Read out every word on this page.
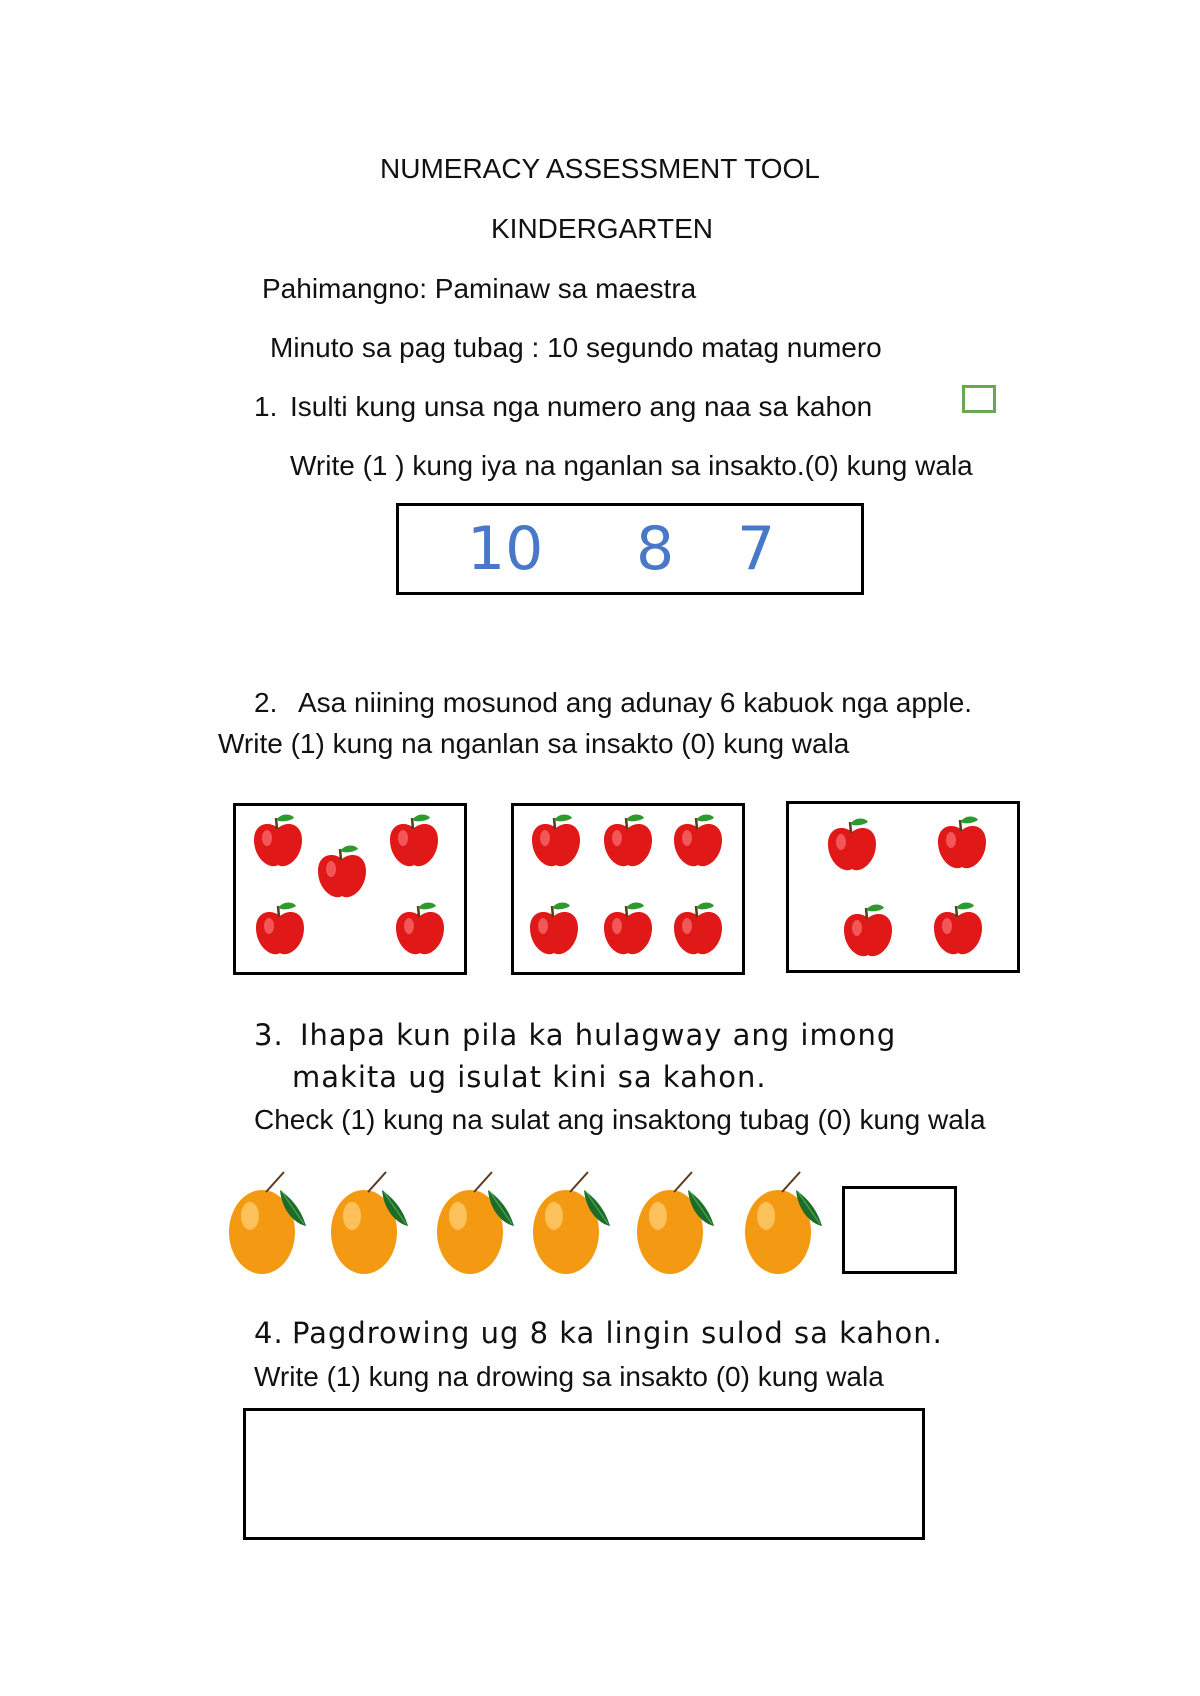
NUMERACY ASSESSMENT TOOL
KINDERGARTEN
Pahimangno: Paminaw sa maestra
Minuto sa pag tubag : 10 segundo matag numero
1. Isulti kung unsa nga numero ang naa sa kahon
Write (1 ) kung iya na nganlan sa insakto.(0) kung wala
10 8 7
2. Asa niining mosunod ang adunay 6 kabuok nga apple.
Write (1) kung na nganlan sa insakto (0) kung wala
3. Ihapa kun pila ka hulagway ang imong
makita ug isulat kini sa kahon.
Check (1) kung na sulat ang insaktong tubag (0) kung wala
4. Pagdrowing ug 8 ka lingin sulod sa kahon.
Write (1) kung na drowing sa insakto (0) kung wala
